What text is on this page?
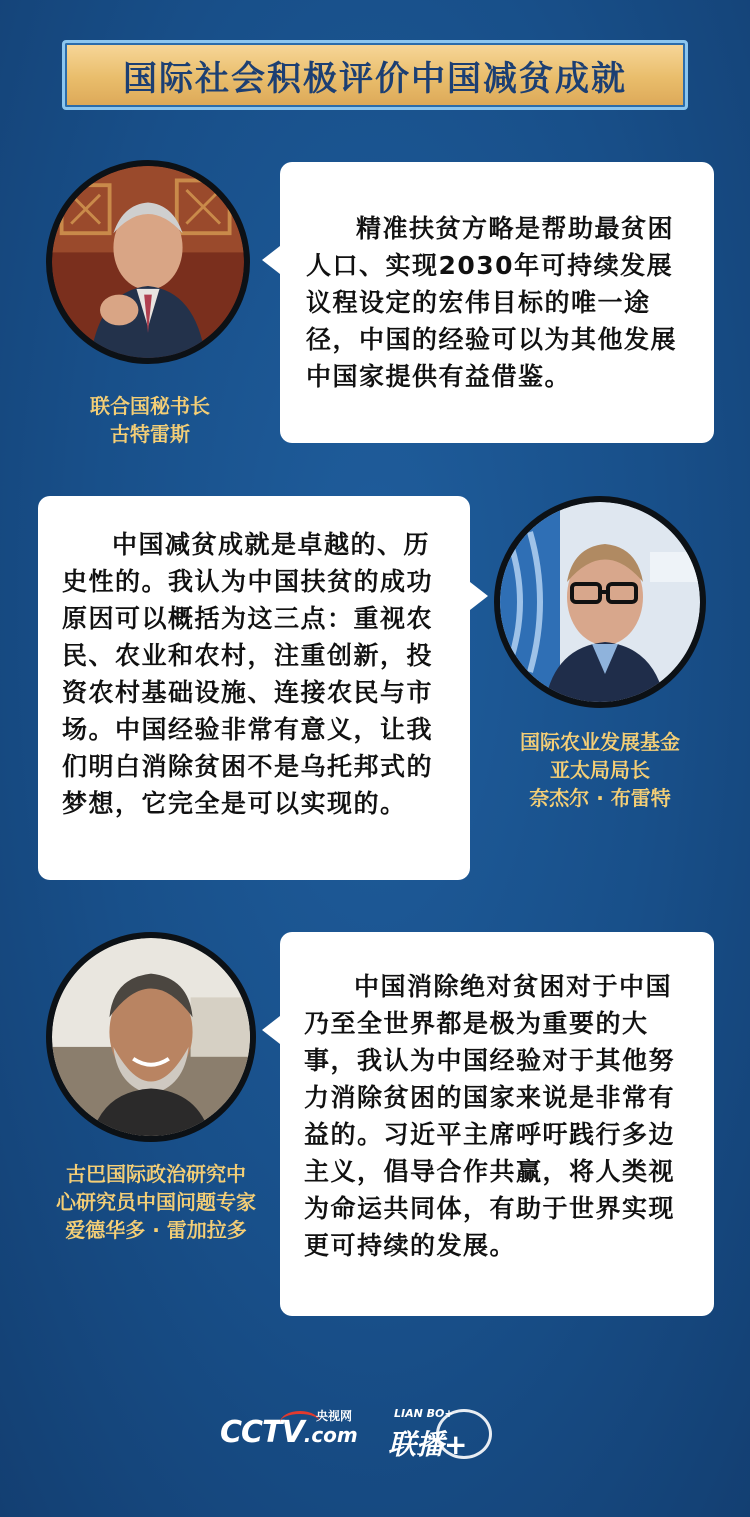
国际社会积极评价中国减贫成就
联合国秘书长
古特雷斯

精准扶贫方略是帮助最贫困人口、实现2030年可持续发展议程设定的宏伟目标的唯一途径，中国的经验可以为其他发展中国家提供有益借鉴。

中国减贫成就是卓越的、历史性的。我认为中国扶贫的成功原因可以概括为这三点：重视农民、农业和农村，注重创新，投资农村基础设施、连接农民与市场。中国经验非常有意义，让我们明白消除贫困不是乌托邦式的梦想，它完全是可以实现的。

国际农业发展基金
亚太局局长
奈杰尔 · 布雷特
古巴国际政治研究中
心研究员中国问题专家
爱德华多 · 雷加拉多

中国消除绝对贫困对于中国乃至全世界都是极为重要的大事，我认为中国经验对于其他努力消除贫困的国家来说是非常有益的。习近平主席呼吁践行多边主义，倡导合作共赢，将人类视为命运共同体，有助于世界实现更可持续的发展。

CCTV.com
央视网	LIAN BO+
联播+
